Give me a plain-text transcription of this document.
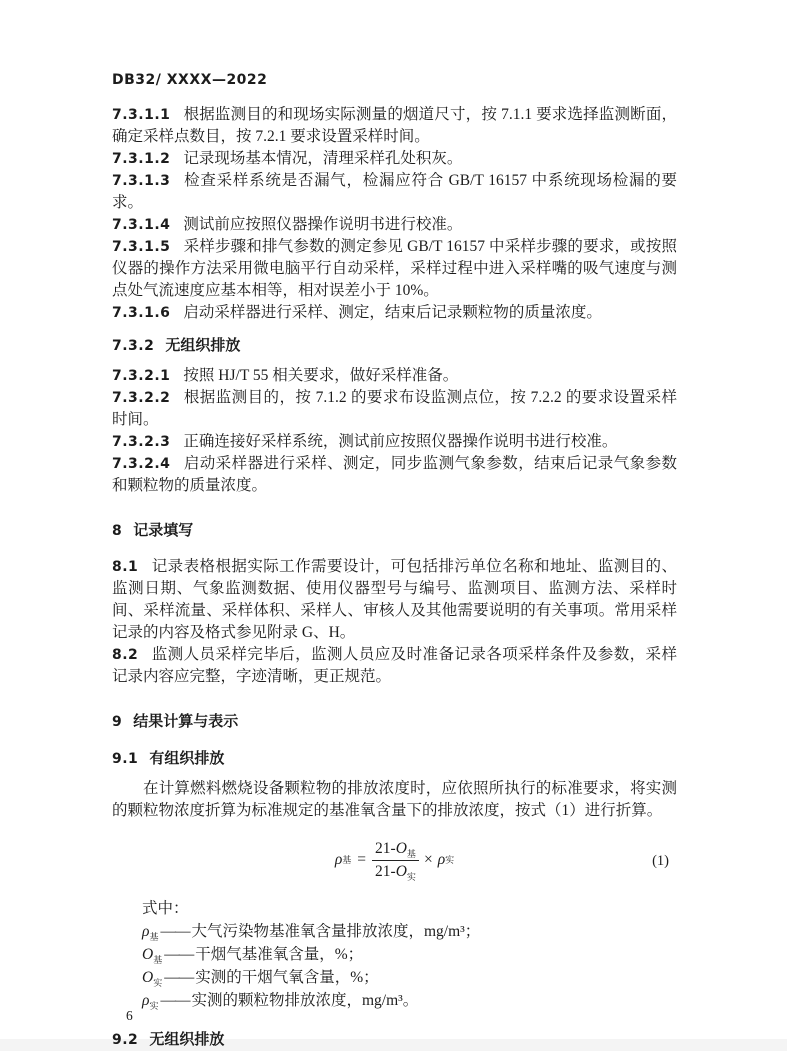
DB32/ XXXX—2022

7.3.1.1 根据监测目的和现场实际测量的烟道尺寸，按 7.1.1 要求选择监测断面，确定采样点数目，按 7.2.1 要求设置采样时间。

7.3.1.2 记录现场基本情况，清理采样孔处积灰。

7.3.1.3 检查采样系统是否漏气，检漏应符合 GB/T 16157 中系统现场检漏的要求。

7.3.1.4 测试前应按照仪器操作说明书进行校准。

7.3.1.5 采样步骤和排气参数的测定参见 GB/T 16157 中采样步骤的要求，或按照仪器的操作方法采用微电脑平行自动采样，采样过程中进入采样嘴的吸气速度与测点处气流速度应基本相等，相对误差小于 10%。

7.3.1.6 启动采样器进行采样、测定，结束后记录颗粒物的质量浓度。

7.3.2 无组织排放

7.3.2.1 按照 HJ/T 55 相关要求，做好采样准备。

7.3.2.2 根据监测目的，按 7.1.2 的要求布设监测点位，按 7.2.2 的要求设置采样时间。

7.3.2.3 正确连接好采样系统，测试前应按照仪器操作说明书进行校准。

7.3.2.4 启动采样器进行采样、测定，同步监测气象参数，结束后记录气象参数和颗粒物的质量浓度。

8 记录填写

8.1 记录表格根据实际工作需要设计，可包括排污单位名称和地址、监测目的、监测日期、气象监测数据、使用仪器型号与编号、监测项目、监测方法、采样时间、采样流量、采样体积、采样人、审核人及其他需要说明的有关事项。常用采样记录的内容及格式参见附录 G、H。

8.2 监测人员采样完毕后，监测人员应及时准备记录各项采样条件及参数，采样记录内容应完整，字迹清晰，更正规范。

9 结果计算与表示
9.1 有组织排放

在计算燃料燃烧设备颗粒物的排放浓度时，应依照所执行的标准要求，将实测的颗粒物浓度折算为标准规定的基准氧含量下的排放浓度，按式（1）进行折算。

ρ 基 = $\frac{21-O_基}{21-O_实} \times \rho$ 实	(1)
式中：
$\rho_基$ —— 大气污染物基准氧含量排放浓度，mg/m³；
$O_基$ —— 干烟气基准氧含量，%；
$O_实$ —— 实测的干烟气氧含量，%；
$\rho_实$ —— 实测的颗粒物排放浓度，mg/m³。
9.2 无组织排放
6
